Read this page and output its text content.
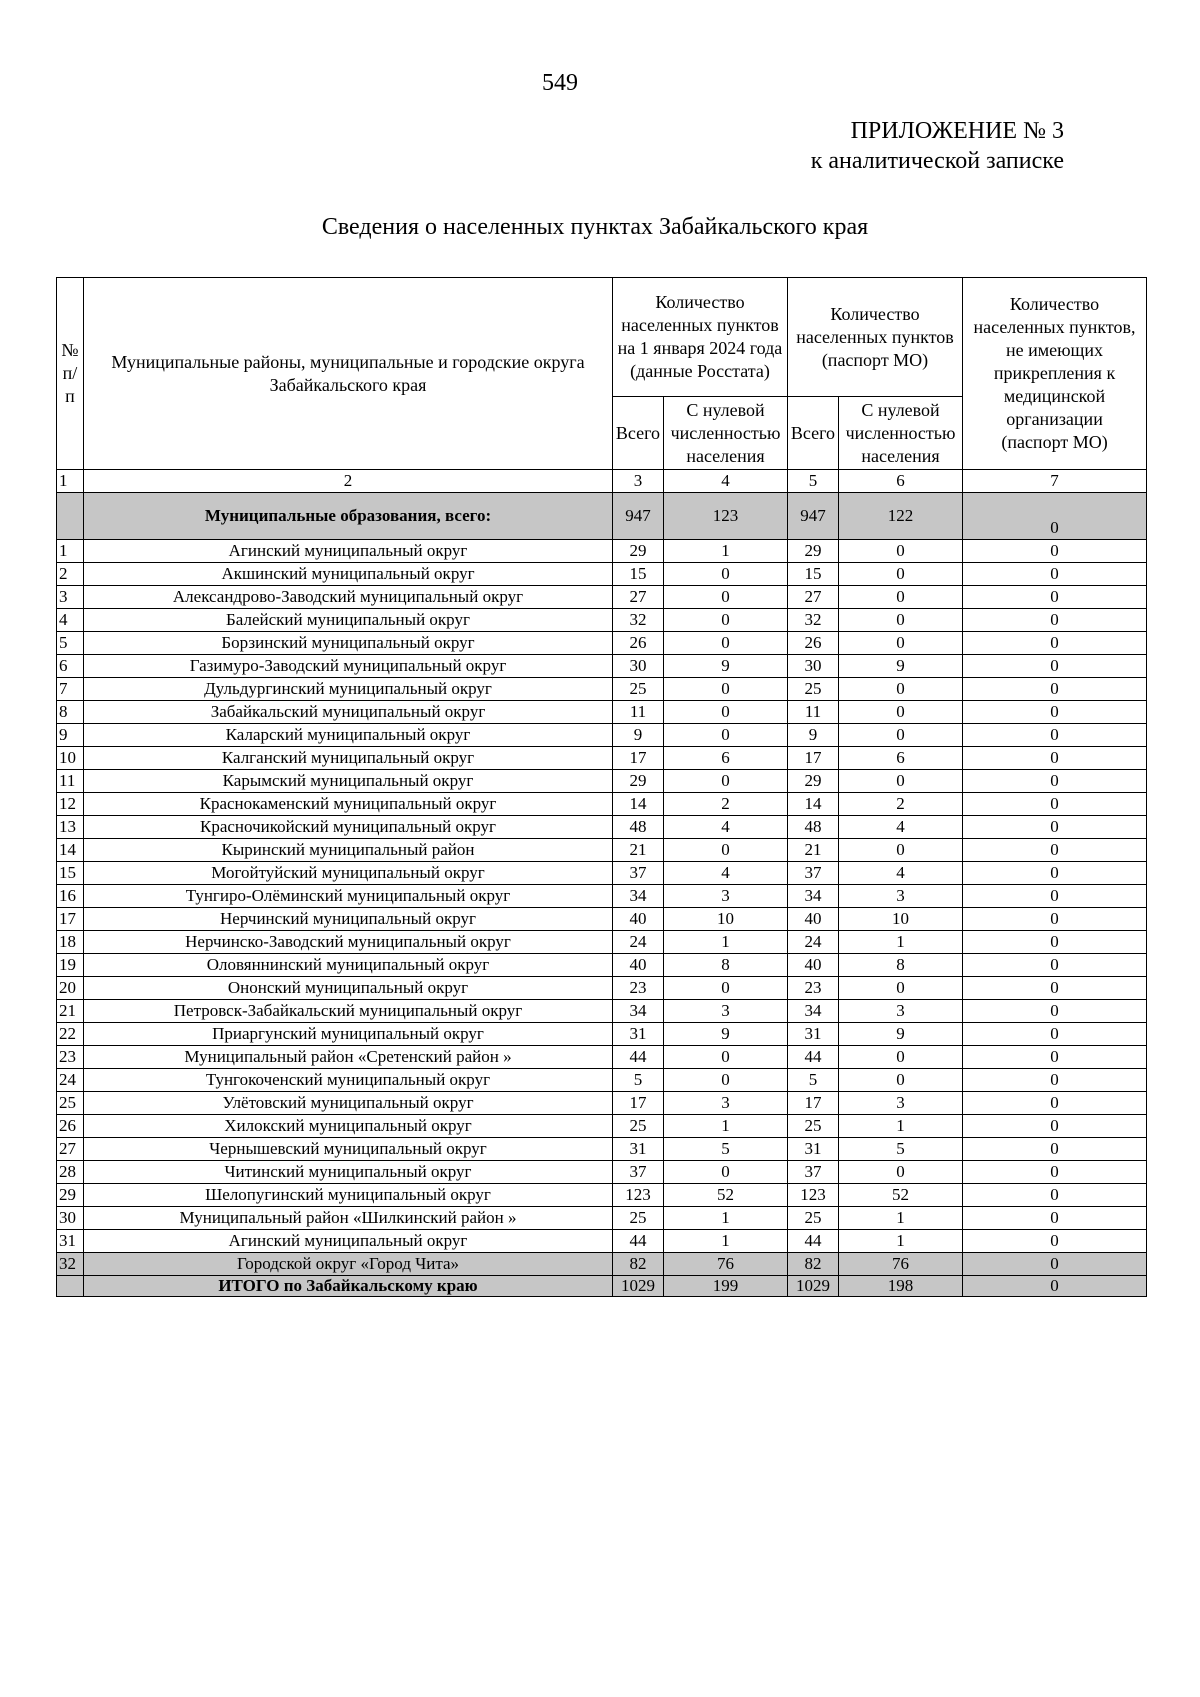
549
ПРИЛОЖЕНИЕ № 3
к аналитической записке
Сведения о населенных пунктах Забайкальского края
№ п/п	Муниципальные районы, муниципальные и городские округа Забайкальского края	Количество населенных пунктов на 1 января 2024 года (данные Росстата)		Количество населенных пунктов (паспорт МО)		Количество населенных пунктов, не имеющих прикрепления к медицинской организации (паспорт МО)
		Всего	С нулевой численностью населения	Всего	С нулевой численностью населения	
1	2	3	4	5	6	7
	Муниципальные образования, всего:	947	123	947	122	0
1	Агинский муниципальный округ	29	1	29	0	0
2	Акшинский муниципальный округ	15	0	15	0	0
3	Александрово-Заводский муниципальный округ	27	0	27	0	0
4	Балейский муниципальный округ	32	0	32	0	0
5	Борзинский муниципальный округ	26	0	26	0	0
6	Газимуро-Заводский муниципальный округ	30	9	30	9	0
7	Дульдургинский муниципальный округ	25	0	25	0	0
8	Забайкальский муниципальный округ	11	0	11	0	0
9	Каларский муниципальный округ	9	0	9	0	0
10	Калганский муниципальный округ	17	6	17	6	0
11	Карымский муниципальный округ	29	0	29	0	0
12	Краснокаменский муниципальный округ	14	2	14	2	0
13	Красночикойский муниципальный округ	48	4	48	4	0
14	Кыринский муниципальный район	21	0	21	0	0
15	Могойтуйский муниципальный округ	37	4	37	4	0
16	Тунгиро-Олёминский муниципальный округ	34	3	34	3	0
17	Нерчинский муниципальный округ	40	10	40	10	0
18	Нерчинско-Заводский муниципальный округ	24	1	24	1	0
19	Оловяннинский муниципальный округ	40	8	40	8	0
20	Ононский муниципальный округ	23	0	23	0	0
21	Петровск-Забайкальский муниципальный округ	34	3	34	3	0
22	Приаргунский муниципальный округ	31	9	31	9	0
23	Муниципальный район «Сретенский район »	44	0	44	0	0
24	Тунгокоченский муниципальный округ	5	0	5	0	0
25	Улётовский муниципальный округ	17	3	17	3	0
26	Хилокский муниципальный округ	25	1	25	1	0
27	Чернышевский муниципальный округ	31	5	31	5	0
28	Читинский муниципальный округ	37	0	37	0	0
29	Шелопугинский муниципальный округ	123	52	123	52	0
30	Муниципальный район «Шилкинский район »	25	1	25	1	0
31	Агинский муниципальный округ	44	1	44	1	0
32	Городской округ «Город Чита»	82	76	82	76	0
	ИТОГО по Забайкальскому краю	1029	199	1029	198	0
